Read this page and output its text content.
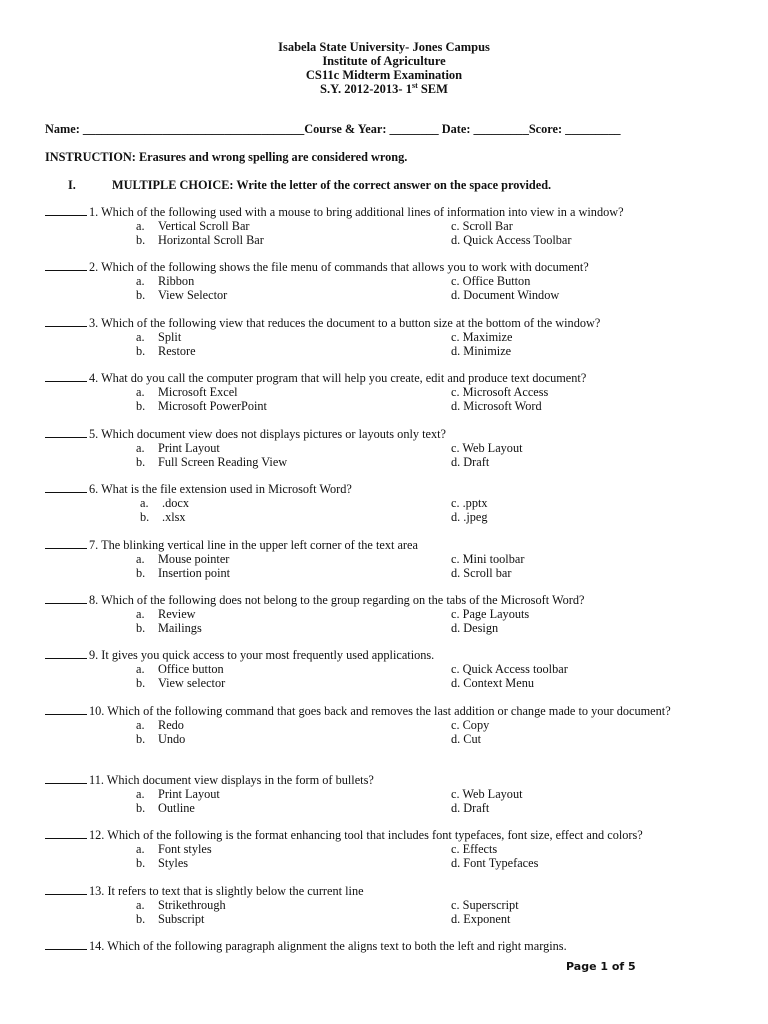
Isabela State University- Jones Campus
Institute of Agriculture
CS11c Midterm Examination
S.Y. 2012-2013- 1st SEM
Name: ____________________________________Course & Year: ________ Date: _________Score: _________
INSTRUCTION: Erasures and wrong spelling are considered wrong.
I.	MULTIPLE CHOICE: Write the letter of the correct answer on the space provided.
1. Which of the following used with a mouse to bring additional lines of information into view in a window?
a. Vertical Scroll Bar
b. Horizontal Scroll Bar
c. Scroll Bar
d. Quick Access Toolbar
2. Which of the following shows the file menu of commands that allows you to work with document?
a. Ribbon
b. View Selector
c. Office Button
d. Document Window
3. Which of the following view that reduces the document to a button size at the bottom of the window?
a. Split
b. Restore
c. Maximize
d. Minimize
4. What do you call the computer program that will help you create, edit and produce text document?
a. Microsoft Excel
b. Microsoft PowerPoint
c. Microsoft Access
d. Microsoft Word
5. Which document view does not displays pictures or layouts only text?
a. Print Layout
b. Full Screen Reading View
c. Web Layout
d. Draft
6. What is the file extension used in Microsoft Word?
a. .docx
b. .xlsx
c. .pptx
d. .jpeg
7. The blinking vertical line in the upper left corner of the text area
a. Mouse pointer
b. Insertion point
c. Mini toolbar
d. Scroll bar
8. Which of the following does not belong to the group regarding on the tabs of the Microsoft Word?
a. Review
b. Mailings
c. Page Layouts
d. Design
9. It gives you quick access to your most frequently used applications.
a. Office button
b. View selector
c. Quick Access toolbar
d. Context Menu
10. Which of the following command that goes back and removes the last addition or change made to your document?
a. Redo
b. Undo
c. Copy
d. Cut
11. Which document view displays in the form of bullets?
a. Print Layout
b. Outline
c. Web Layout
d. Draft
12. Which of the following is the format enhancing tool that includes font typefaces, font size, effect and colors?
a. Font styles
b. Styles
c. Effects
d. Font Typefaces
13. It refers to text that is slightly below the current line
a. Strikethrough
b. Subscript
c. Superscript
d. Exponent
14. Which of the following paragraph alignment the aligns text to both the left and right margins.
Page 1 of 5
